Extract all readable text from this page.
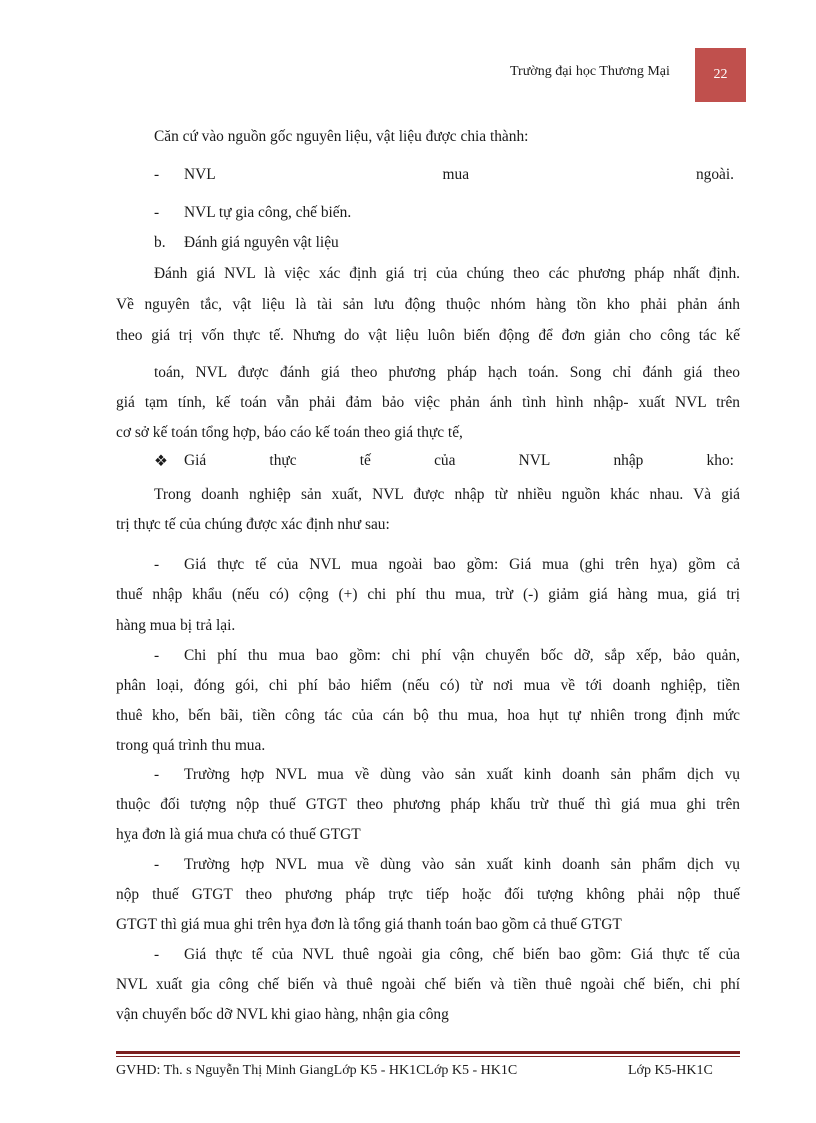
Trường đại học Thương Mại	22
Căn cứ vào nguồn gốc nguyên liệu, vật liệu được chia thành:
- NVL	mua	ngoài.
- NVL tự gia công, chế biến.
b. Đánh giá nguyên vật liệu
Đánh giá NVL là việc xác định giá trị của chúng theo các phương pháp nhất định.
Về nguyên tắc, vật liệu là tài sản lưu động thuộc nhóm hàng tồn kho phải phản ánh
theo giá trị vốn thực tế. Nhưng do vật liệu luôn biến động để đơn giản cho công tác kế
toán, NVL được đánh giá theo phương pháp hạch toán. Song chỉ đánh giá theo
giá tạm tính, kế toán vẫn phải đảm bảo việc phản ánh tình hình nhập- xuất NVL trên
cơ sở kế toán tổng hợp, báo cáo kế toán theo giá thực tế,
❖ Giá	thực	tế	của	NVL	nhập	kho:
Trong doanh nghiệp sản xuất, NVL được nhập từ nhiều nguồn khác nhau. Và giá
trị thực tế của chúng được xác định như sau:
- Giá thực tế của NVL mua ngoài bao gồm: Giá mua (ghi trên hỵa) gồm cả
thuế nhập khẩu (nếu có) cộng (+) chi phí thu mua, trừ (-) giảm giá hàng mua, giá trị
hàng mua bị trả lại.
- Chi phí thu mua bao gồm: chi phí vận chuyển bốc dỡ, sắp xếp, bảo quản,
phân loại, đóng gói, chi phí bảo hiểm (nếu có) từ nơi mua về tới doanh nghiệp, tiền
thuê kho, bến bãi, tiền công tác của cán bộ thu mua, hoa hụt tự nhiên trong định mức
trong quá trình thu mua.
- Trường hợp NVL mua về dùng vào sản xuất kinh doanh sản phẩm dịch vụ
thuộc đối tượng nộp thuế GTGT theo phương pháp khấu trừ thuế thì giá mua ghi trên
hỵa đơn là giá mua chưa có thuế GTGT
- Trường hợp NVL mua về dùng vào sản xuất kinh doanh sản phẩm dịch vụ
nộp thuế GTGT theo phương pháp trực tiếp hoặc đối tượng không phải nộp thuế
GTGT thì giá mua ghi trên hỵa đơn là tổng giá thanh toán bao gồm cả thuế GTGT
- Giá thực tế của NVL thuê ngoài gia công, chế biến bao gồm: Giá thực tế của
NVL xuất gia công chế biến và thuê ngoài chế biến và tiền thuê ngoài chế biến, chi phí
vận chuyển bốc dỡ NVL khi giao hàng, nhận gia công
GVHD: Th. s Nguyễn Thị Minh GiangLớp K5 - HK1CLớp K5 - HK1C	Lớp K5-HK1C
